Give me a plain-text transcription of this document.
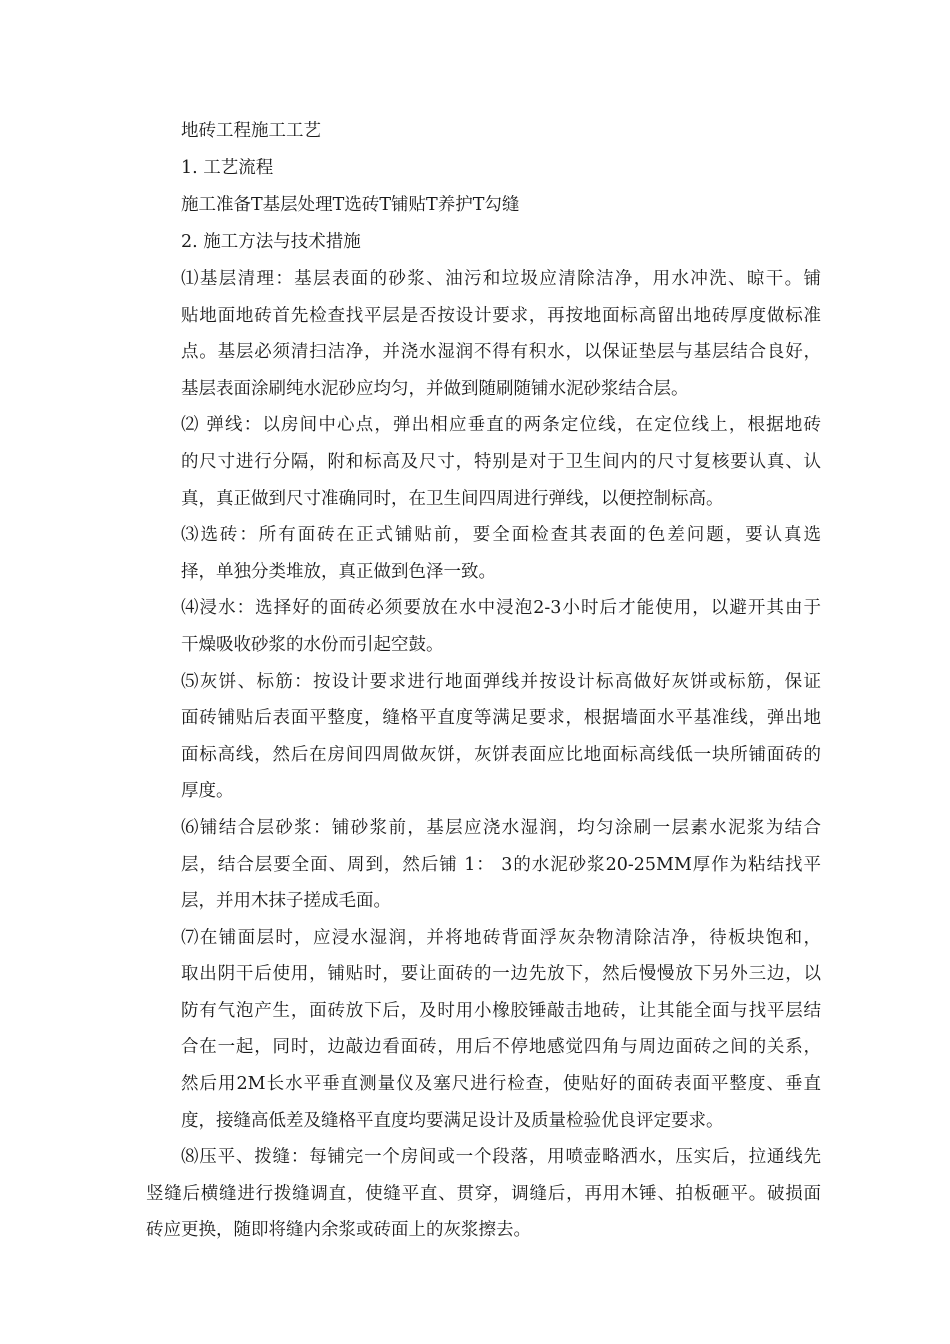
地砖工程施工工艺
1. 工艺流程
施工准备T基层处理T选砖T铺贴T养护T勾缝
2. 施工方法与技术措施
⑴基层清理：基层表面的砂浆、油污和垃圾应清除洁净，用水冲洗、晾干。铺
贴地面地砖首先检查找平层是否按设计要求，再按地面标高留出地砖厚度做标准
点。基层必须清扫洁净，并浇水湿润不得有积水，以保证垫层与基层结合良好，
基层表面涂刷纯水泥砂应均匀，并做到随刷随铺水泥砂浆结合层。
⑵ 弹线：以房间中心点，弹出相应垂直的两条定位线，在定位线上，根据地砖
的尺寸进行分隔，附和标高及尺寸，特别是对于卫生间内的尺寸复核要认真、认
真，真正做到尺寸准确同时，在卫生间四周进行弹线，以便控制标高。
⑶选砖：所有面砖在正式铺贴前，要全面检查其表面的色差问题，要认真选
择，单独分类堆放，真正做到色泽一致。
⑷浸水：选择好的面砖必须要放在水中浸泡2-3小时后才能使用，以避开其由于
干燥吸收砂浆的水份而引起空鼓。
⑸灰饼、标筋：按设计要求进行地面弹线并按设计标高做好灰饼或标筋，保证
面砖铺贴后表面平整度，缝格平直度等满足要求，根据墙面水平基准线，弹出地
面标高线，然后在房间四周做灰饼，灰饼表面应比地面标高线低一块所铺面砖的
厚度。
⑹铺结合层砂浆：铺砂浆前，基层应浇水湿润，均匀涂刷一层素水泥浆为结合
层，结合层要全面、周到，然后铺 1： 3的水泥砂浆20-25MM厚作为粘结找平
层，并用木抹子搓成毛面。
⑺在铺面层时，应浸水湿润，并将地砖背面浮灰杂物清除洁净，待板块饱和，
取出阴干后使用，铺贴时，要让面砖的一边先放下，然后慢慢放下另外三边，以
防有气泡产生，面砖放下后，及时用小橡胶锤敲击地砖，让其能全面与找平层结
合在一起，同时，边敲边看面砖，用后不停地感觉四角与周边面砖之间的关系，
然后用2M长水平垂直测量仪及塞尺进行检查，使贴好的面砖表面平整度、垂直
度，接缝高低差及缝格平直度均要满足设计及质量检验优良评定要求。
⑻压平、拨缝：每铺完一个房间或一个段落，用喷壶略洒水，压实后，拉通线先
竖缝后横缝进行拨缝调直，使缝平直、贯穿，调缝后，再用木锤、拍板砸平。破损面
砖应更换，随即将缝内余浆或砖面上的灰浆擦去。
